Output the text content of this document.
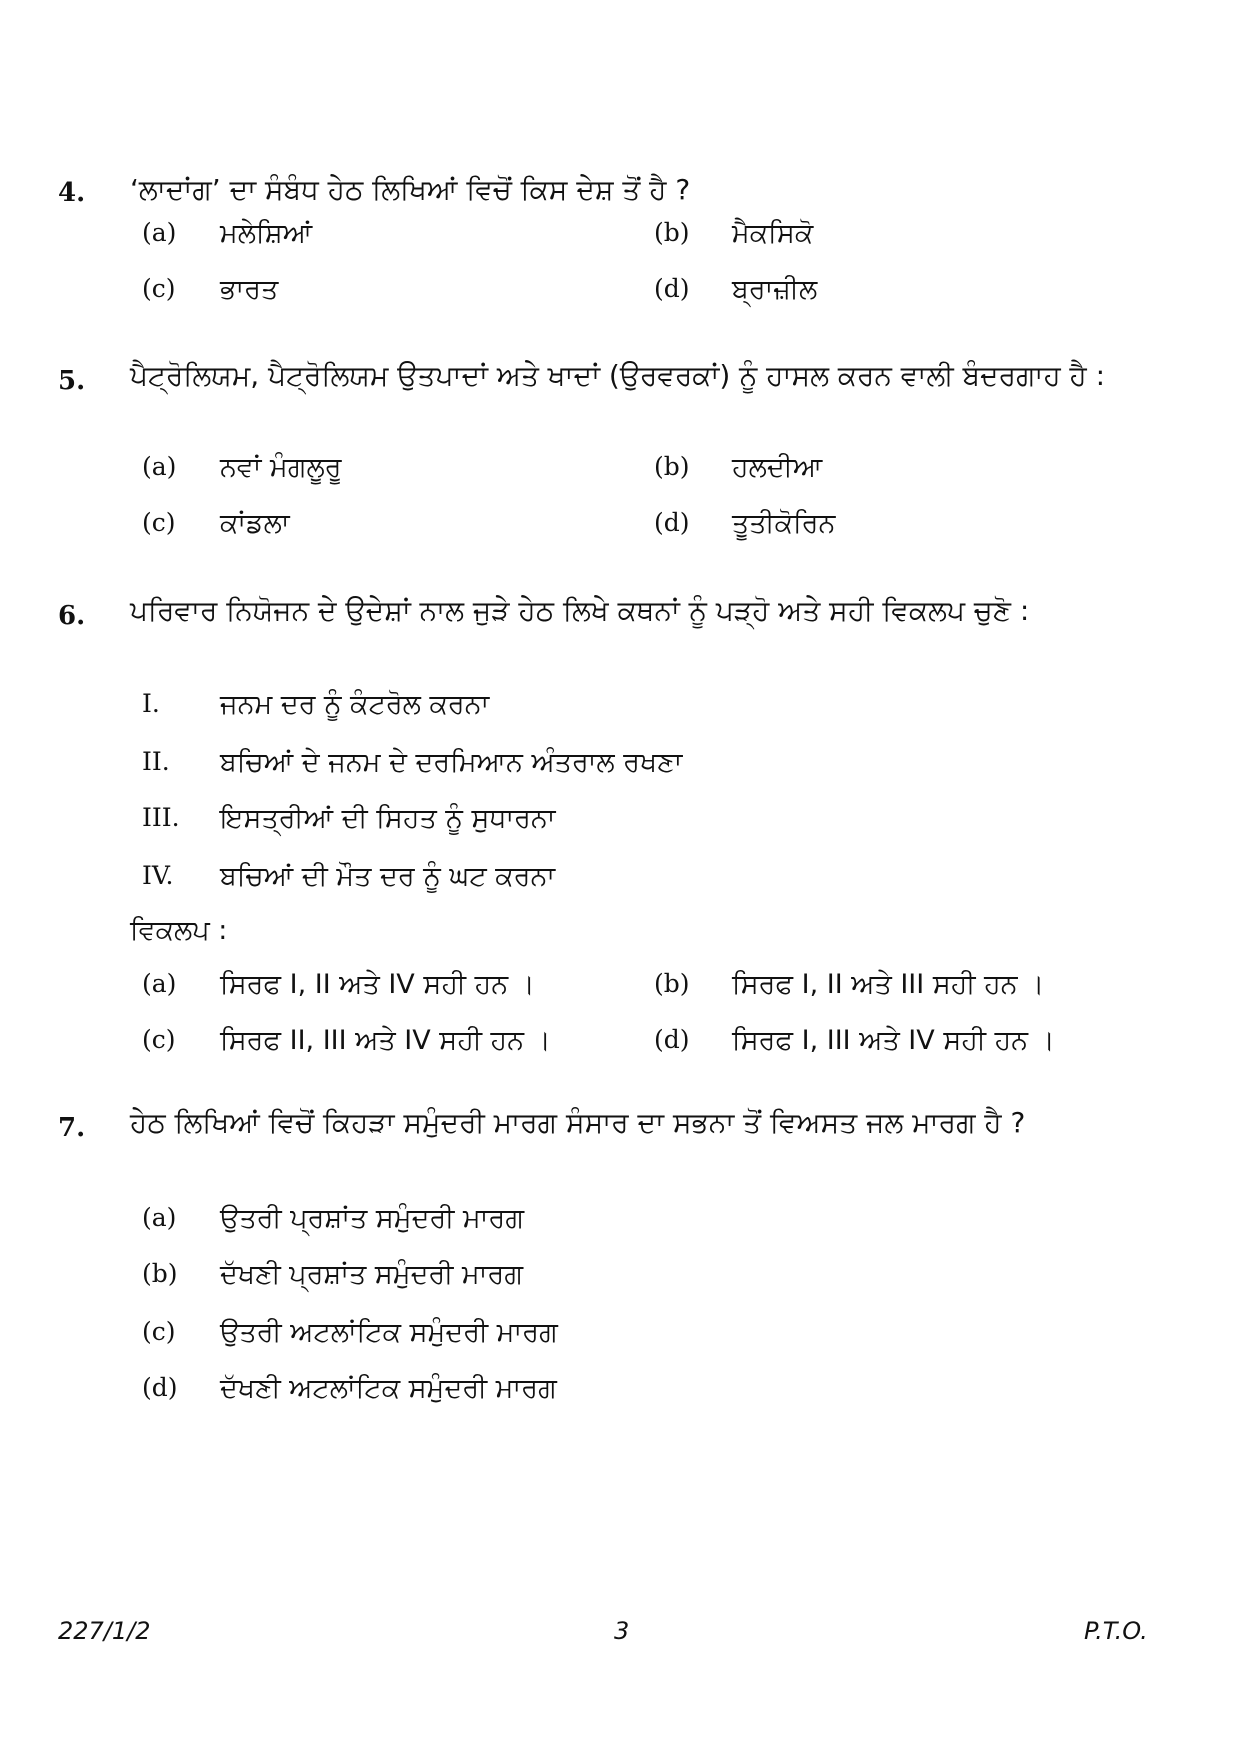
4. ‘ਲਾਦਾਂਗ’ ਦਾ ਸੰਬੰਧ ਹੇਠ ਲਿਖਿਆਂ ਵਿਚੋਂ ਕਿਸ ਦੇਸ਼ ਤੋਂ ਹੈ ?
(a) ਮਲੇਸ਼ਿਆਂ	(b) ਮੈਕਸਿਕੋ
(c) ਭਾਰਤ	(d) ਬ੍ਰਾਜ਼ੀਲ
5. ਪੈਟ੍ਰੋਲਿਯਮ, ਪੈਟ੍ਰੋਲਿਯਮ ਉਤਪਾਦਾਂ ਅਤੇ ਖਾਦਾਂ (ਉਰਵਰਕਾਂ) ਨੂੰ ਹਾਸਲ ਕਰਨ ਵਾਲੀ ਬੰਦਰਗਾਹ ਹੈ :
(a) ਨਵਾਂ ਮੰਗਲੂਰੂ	(b) ਹਲਦੀਆ
(c) ਕਾਂਡਲਾ	(d) ਤੂਤੀਕੋਰਿਨ
6. ਪਰਿਵਾਰ ਨਿਯੋਜਨ ਦੇ ਉਦੇਸ਼ਾਂ ਨਾਲ ਜੁੜੇ ਹੇਠ ਲਿਖੇ ਕਥਨਾਂ ਨੂੰ ਪੜ੍ਹੋ ਅਤੇ ਸਹੀ ਵਿਕਲਪ ਚੁਣੋ :
I. ਜਨਮ ਦਰ ਨੂੰ ਕੰਟਰੋਲ ਕਰਨਾ
II. ਬਚਿਆਂ ਦੇ ਜਨਮ ਦੇ ਦਰਮਿਆਨ ਅੰਤਰਾਲ ਰਖਣਾ
III. ਇਸਤ੍ਰੀਆਂ ਦੀ ਸਿਹਤ ਨੂੰ ਸੁਧਾਰਨਾ
IV. ਬਚਿਆਂ ਦੀ ਮੌਤ ਦਰ ਨੂੰ ਘਟ ਕਰਨਾ
ਵਿਕਲਪ :
(a) ਸਿਰਫ I, II ਅਤੇ IV ਸਹੀ ਹਨ ।	(b) ਸਿਰਫ I, II ਅਤੇ III ਸਹੀ ਹਨ ।
(c) ਸਿਰਫ II, III ਅਤੇ IV ਸਹੀ ਹਨ ।	(d) ਸਿਰਫ I, III ਅਤੇ IV ਸਹੀ ਹਨ ।
7. ਹੇਠ ਲਿਖਿਆਂ ਵਿਚੋਂ ਕਿਹੜਾ ਸਮੁੰਦਰੀ ਮਾਰਗ ਸੰਸਾਰ ਦਾ ਸਭਨਾ ਤੋਂ ਵਿਅਸਤ ਜਲ ਮਾਰਗ ਹੈ ?
(a) ਉਤਰੀ ਪ੍ਰਸ਼ਾਂਤ ਸਮੁੰਦਰੀ ਮਾਰਗ
(b) ਦੱਖਣੀ ਪ੍ਰਸ਼ਾਂਤ ਸਮੁੰਦਰੀ ਮਾਰਗ
(c) ਉਤਰੀ ਅਟਲਾਂਟਿਕ ਸਮੁੰਦਰੀ ਮਾਰਗ
(d) ਦੱਖਣੀ ਅਟਲਾਂਟਿਕ ਸਮੁੰਦਰੀ ਮਾਰਗ
227/1/2	3	P.T.O.
